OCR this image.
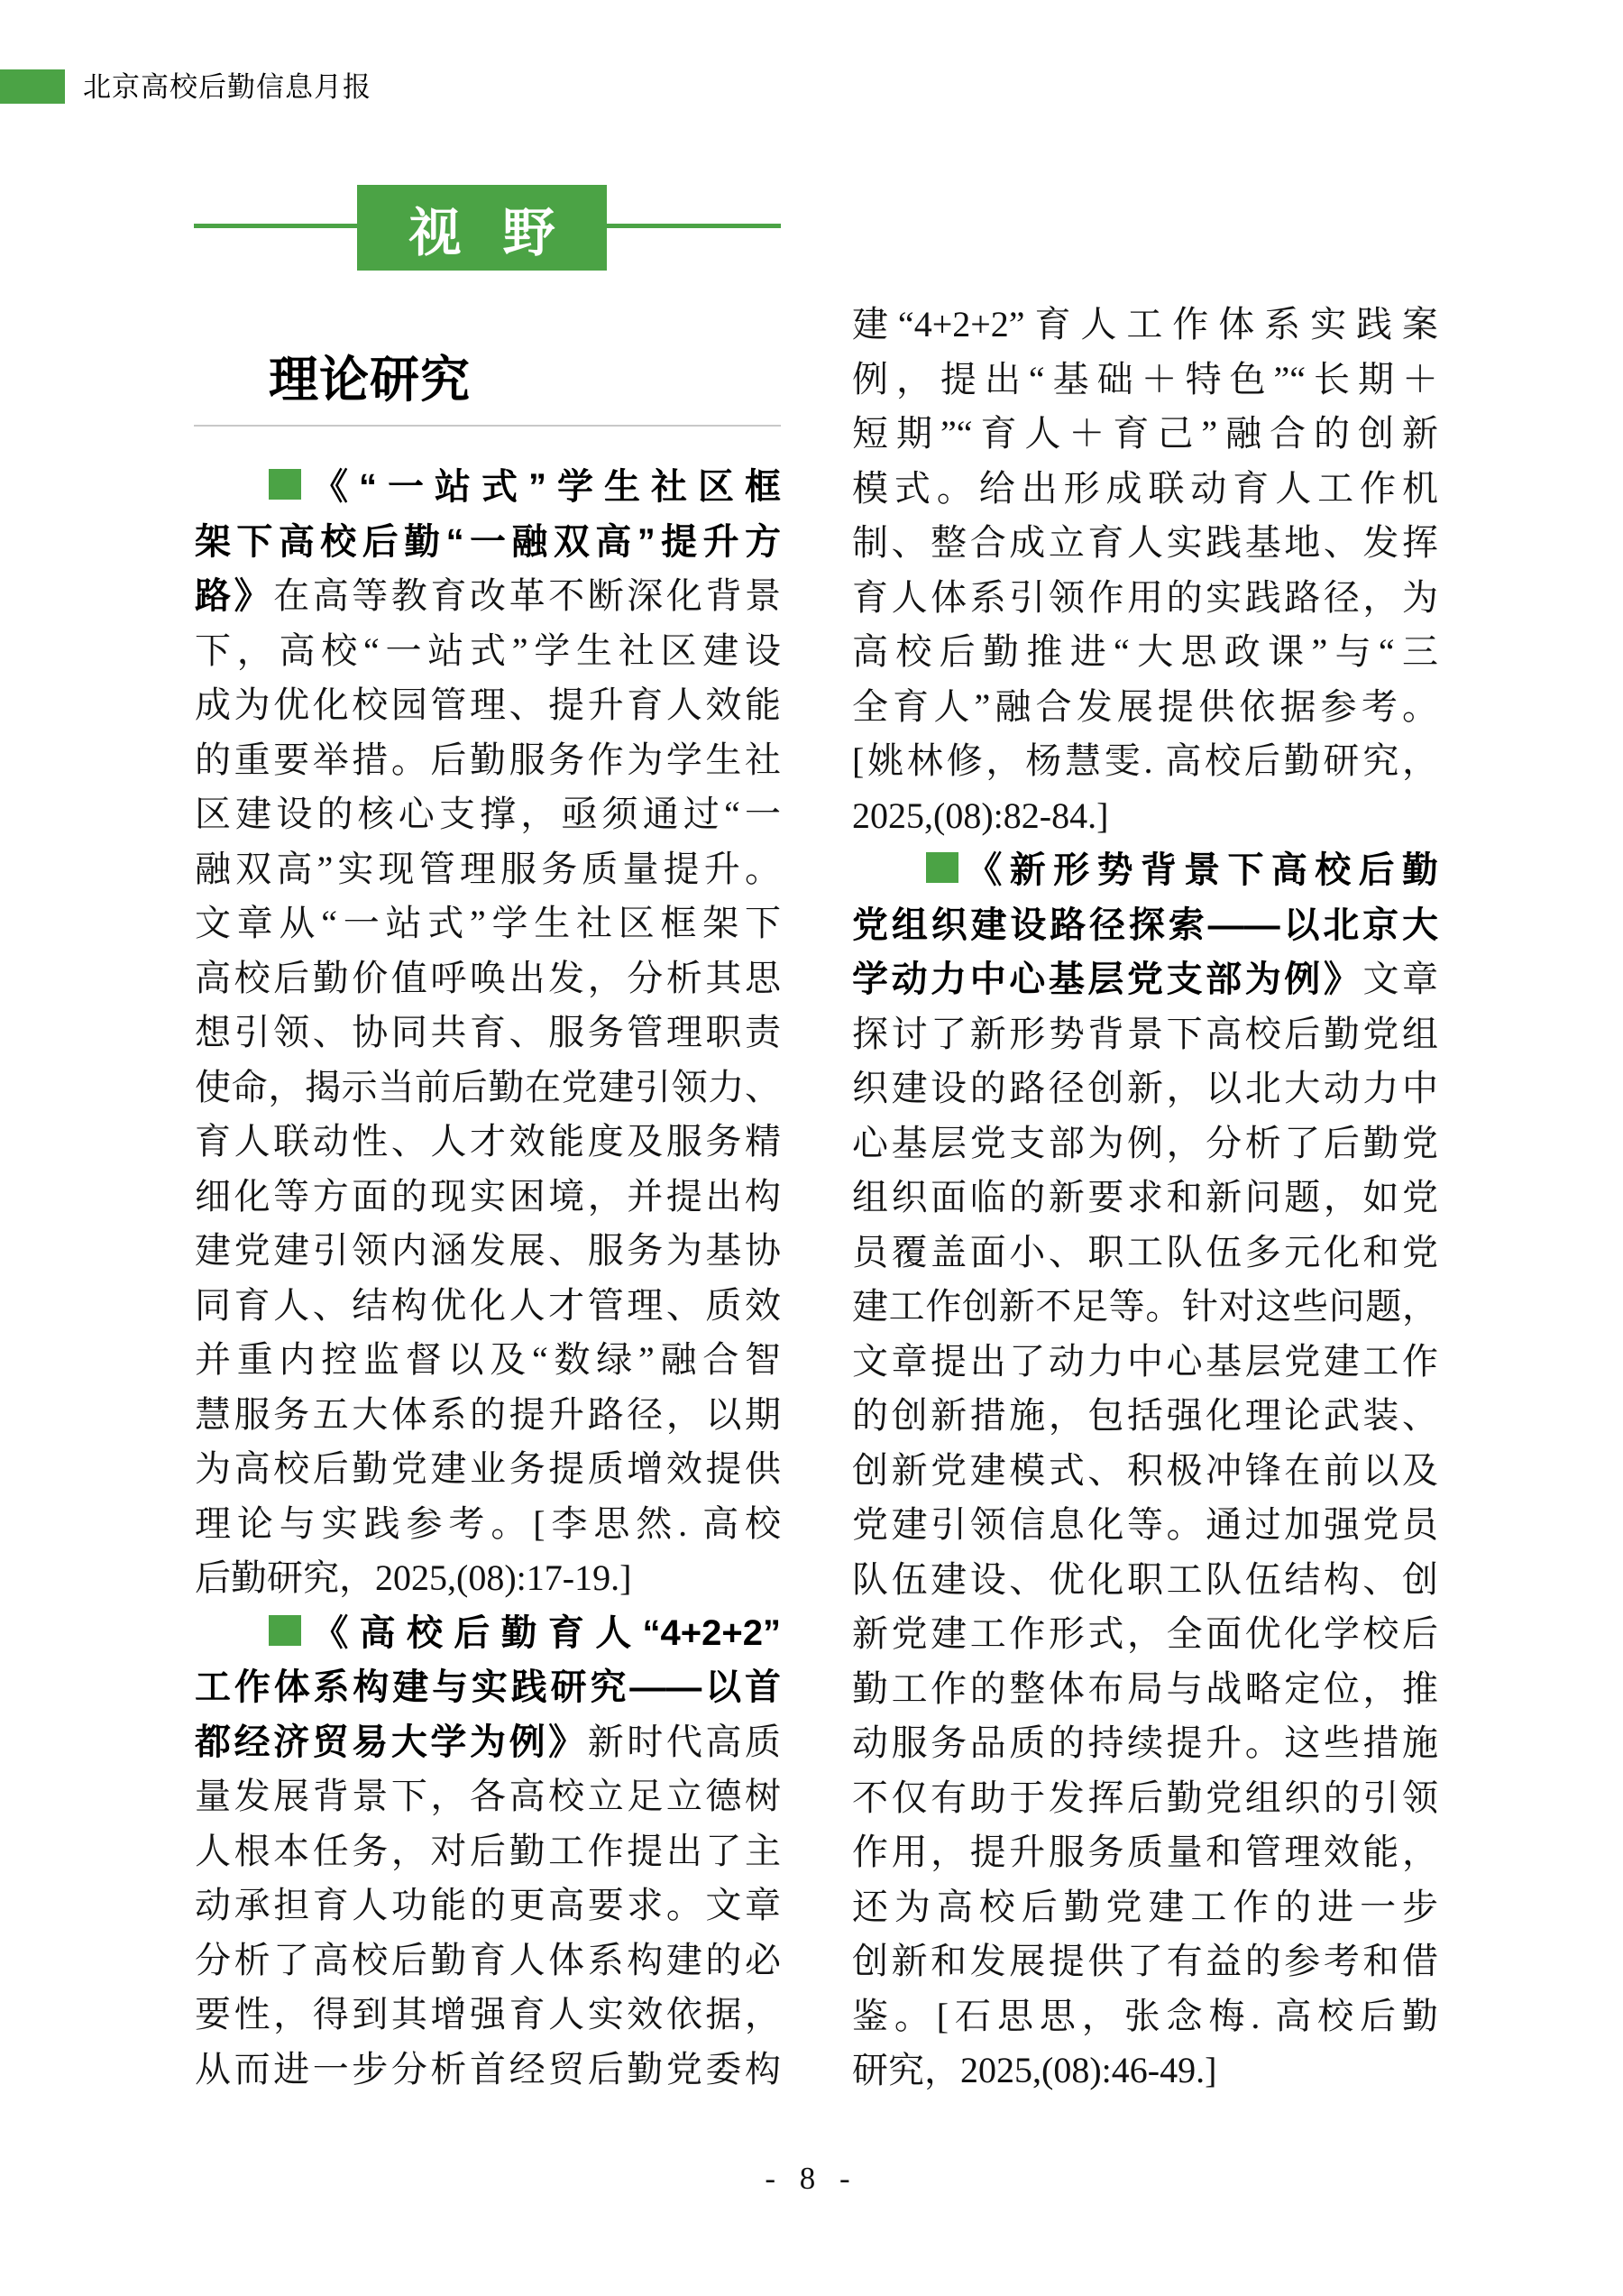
北京高校后勤信息月报
视野
理论研究
《“一站式”学生社区框
架下高校后勤“一融双高”提升方
路》在高等教育改革不断深化背景
下，高校“一站式”学生社区建设
成为优化校园管理、提升育人效能
的重要举措。后勤服务作为学生社
区建设的核心支撑，亟须通过“一
融双高”实现管理服务质量提升。
文章从“一站式”学生社区框架下
高校后勤价值呼唤出发，分析其思
想引领、协同共育、服务管理职责
使命，揭示当前后勤在党建引领力、
育人联动性、人才效能度及服务精
细化等方面的现实困境，并提出构
建党建引领内涵发展、服务为基协
同育人、结构优化人才管理、质效
并重内控监督以及“数绿”融合智
慧服务五大体系的提升路径，以期
为高校后勤党建业务提质增效提供
理论与实践参考。[李思然. 高校
后勤研究，2025,(08):17-19.]
《高校后勤育人“4+2+2”
工作体系构建与实践研究——以首
都经济贸易大学为例》新时代高质
量发展背景下，各高校立足立德树
人根本任务，对后勤工作提出了主
动承担育人功能的更高要求。文章
分析了高校后勤育人体系构建的必
要性，得到其增强育人实效依据，
从而进一步分析首经贸后勤党委构
建“4+2+2”育人工作体系实践案
例，提出“基础＋特色”“长期＋
短期”“育人＋育己”融合的创新
模式。给出形成联动育人工作机
制、整合成立育人实践基地、发挥
育人体系引领作用的实践路径，为
高校后勤推进“大思政课”与“三
全育人”融合发展提供依据参考。
[姚林修，杨慧雯. 高校后勤研究，
2025,(08):82-84.]
《新形势背景下高校后勤
党组织建设路径探索——以北京大
学动力中心基层党支部为例》文章
探讨了新形势背景下高校后勤党组
织建设的路径创新，以北大动力中
心基层党支部为例，分析了后勤党
组织面临的新要求和新问题，如党
员覆盖面小、职工队伍多元化和党
建工作创新不足等。针对这些问题，
文章提出了动力中心基层党建工作
的创新措施，包括强化理论武装、
创新党建模式、积极冲锋在前以及
党建引领信息化等。通过加强党员
队伍建设、优化职工队伍结构、创
新党建工作形式，全面优化学校后
勤工作的整体布局与战略定位，推
动服务品质的持续提升。这些措施
不仅有助于发挥后勤党组织的引领
作用，提升服务质量和管理效能，
还为高校后勤党建工作的进一步
创新和发展提供了有益的参考和借
鉴。[石思思，张念梅. 高校后勤
研究，2025,(08):46-49.]
- 8 -
